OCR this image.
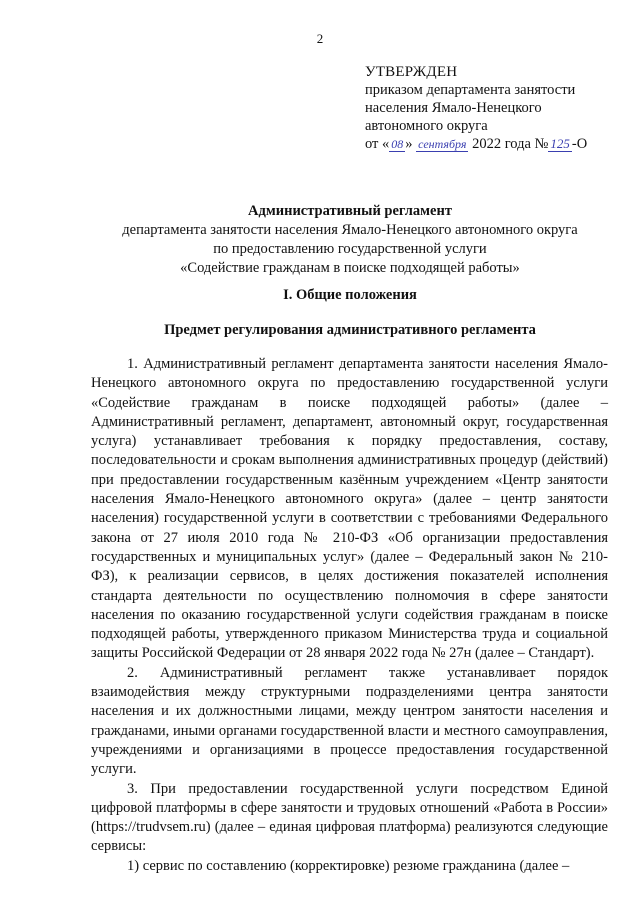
2
УТВЕРЖДЕН
приказом департамента занятости
населения Ямало-Ненецкого
автономного округа
от « 08 » сентября 2022 года № 125 -О
Административный регламент
департамента занятости населения Ямало-Ненецкого автономного округа
по предоставлению государственной услуги
«Содействие гражданам в поиске подходящей работы»
I. Общие положения
Предмет регулирования административного регламента

1. Административный регламент департамента занятости населения Ямало-Ненецкого автономного округа по предоставлению государственной услуги «Содействие гражданам в поиске подходящей работы» (далее – Административный регламент, департамент, автономный округ, государственная услуга) устанавливает требования к порядку предоставления, составу, последовательности и срокам выполнения административных процедур (действий) при предоставлении государственным казённым учреждением «Центр занятости населения Ямало-Ненецкого автономного округа» (далее – центр занятости населения) государственной услуги в соответствии с требованиями Федерального закона от 27 июля 2010 года № 210-ФЗ «Об организации предоставления государственных и муниципальных услуг» (далее – Федеральный закон № 210-ФЗ), к реализации сервисов, в целях достижения показателей исполнения стандарта деятельности по осуществлению полномочия в сфере занятости населения по оказанию государственной услуги содействия гражданам в поиске подходящей работы, утвержденного приказом Министерства труда и социальной защиты Российской Федерации от 28 января 2022 года № 27н (далее – Стандарт).

2. Административный регламент также устанавливает порядок взаимодействия между структурными подразделениями центра занятости населения и их должностными лицами, между центром занятости населения и гражданами, иными органами государственной власти и местного самоуправления, учреждениями и организациями в процессе предоставления государственной услуги.

3. При предоставлении государственной услуги посредством Единой цифровой платформы в сфере занятости и трудовых отношений «Работа в России» (https://trudvsem.ru) (далее – единая цифровая платформа) реализуются следующие сервисы:

1) сервис по составлению (корректировке) резюме гражданина (далее –
